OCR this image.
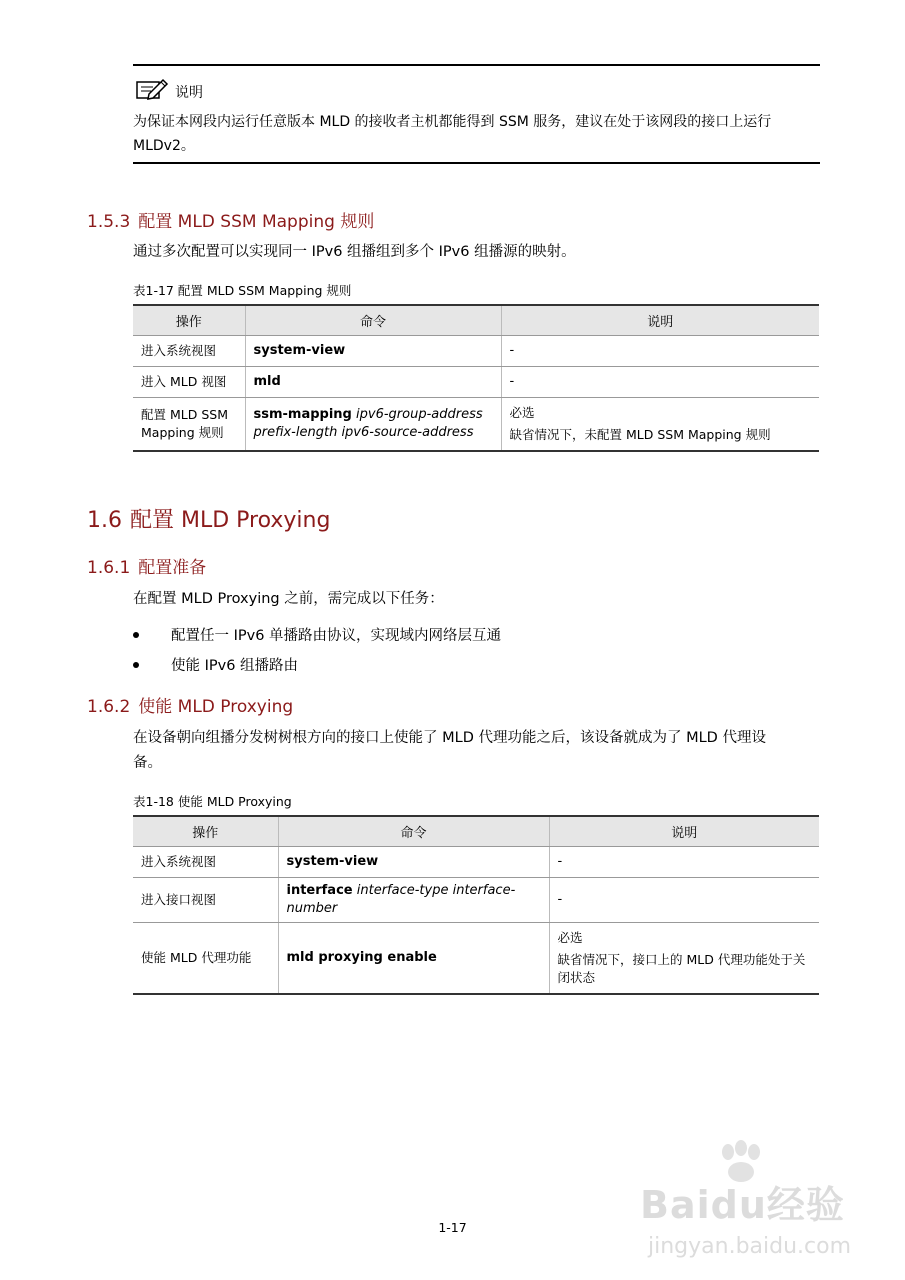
说明
为保证本网段内运行任意版本 MLD 的接收者主机都能得到 SSM 服务，建议在处于该网段的接口上运行 MLDv2。
1.5.3 配置 MLD SSM Mapping 规则
通过多次配置可以实现同一 IPv6 组播组到多个 IPv6 组播源的映射。
表1-17 配置 MLD SSM Mapping 规则
操作	命令	说明
进入系统视图	system-view	-
进入 MLD 视图	mld	-
配置 MLD SSM Mapping 规则	ssm-mapping ipv6-group-address prefix-length ipv6-source-address	必选
缺省情况下，未配置 MLD SSM Mapping 规则
1.6 配置 MLD Proxying
1.6.1 配置准备
在配置 MLD Proxying 之前，需完成以下任务：
配置任一 IPv6 单播路由协议，实现域内网络层互通
使能 IPv6 组播路由
1.6.2 使能 MLD Proxying
在设备朝向组播分发树树根方向的接口上使能了 MLD 代理功能之后，该设备就成为了 MLD 代理设
备。
表1-18 使能 MLD Proxying
操作	命令	说明
进入系统视图	system-view	-
进入接口视图	interface interface-type interface-number	-
使能 MLD 代理功能	mld proxying enable	必选
缺省情况下，接口上的 MLD 代理功能处于关闭状态
Baidu经验
jingyan.baidu.com
1-17
